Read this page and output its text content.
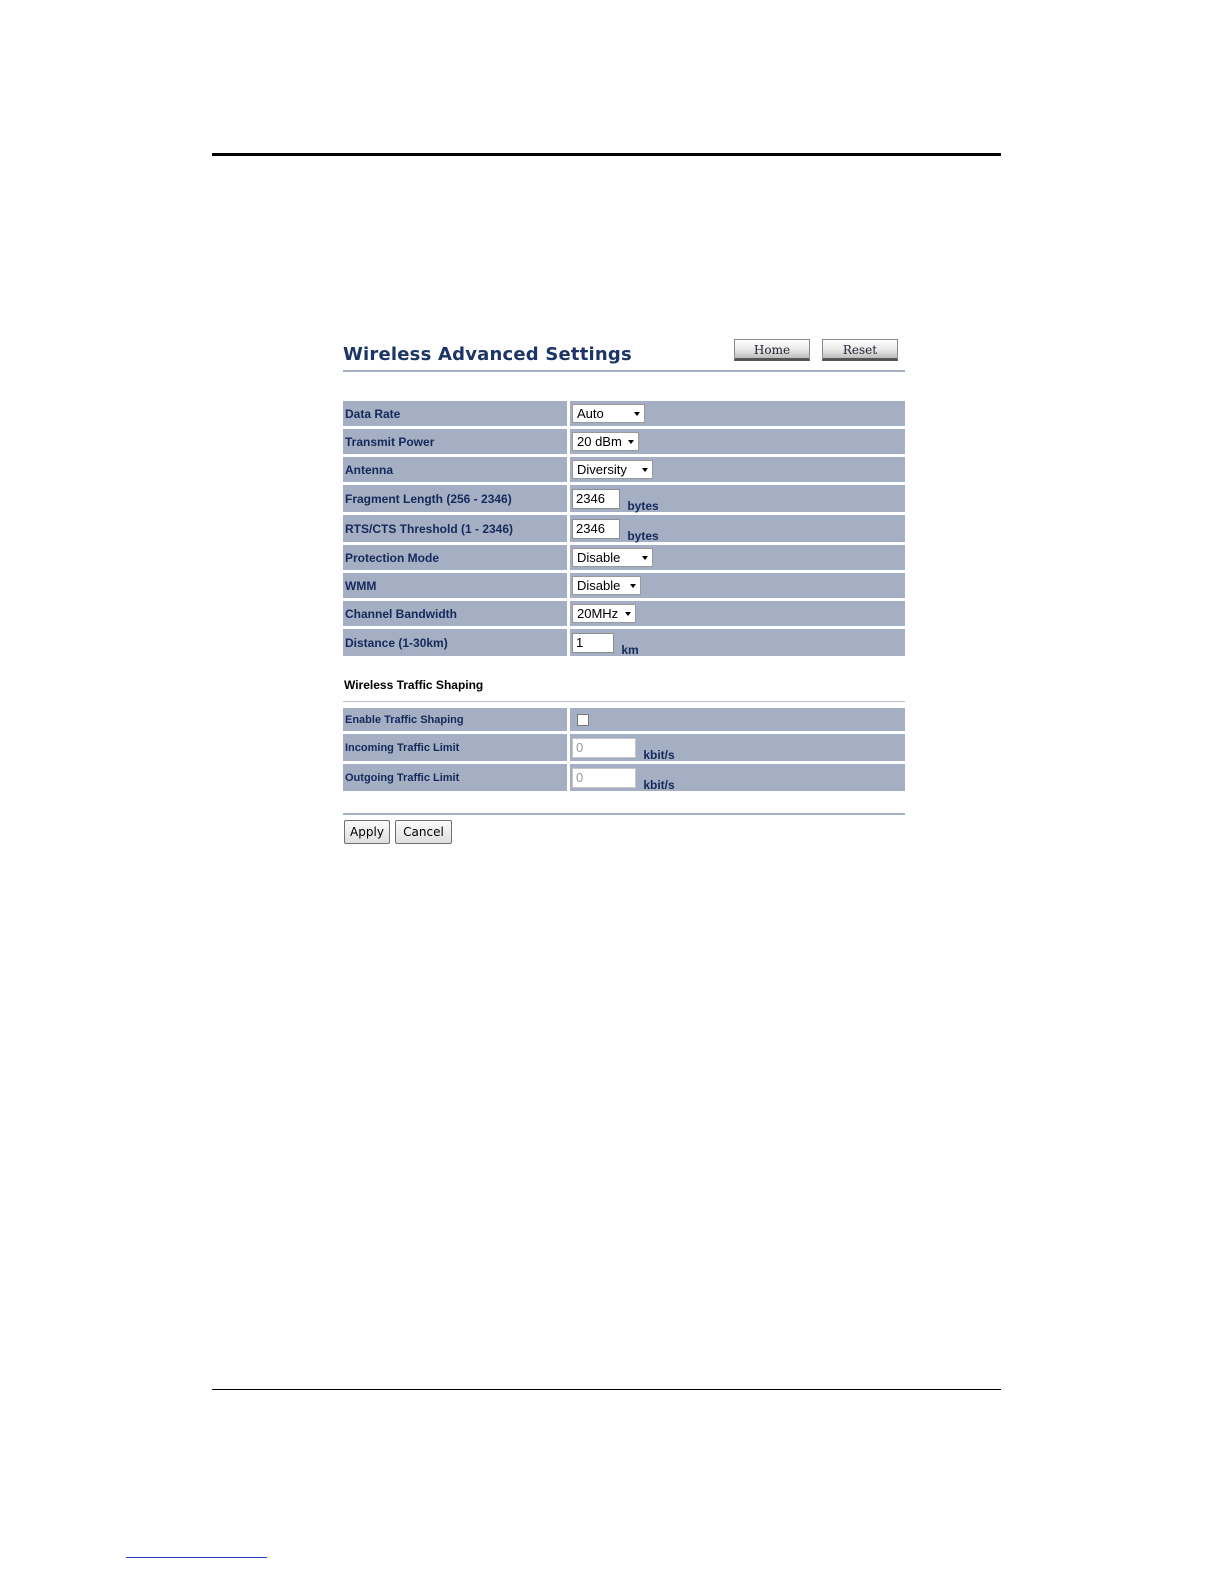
Wireless Advanced Settings	Home	Reset
Data Rate	Auto

Transmit Power	20 dBm

Antenna	Diversity

Fragment Length (256 - 2346)	2346 bytes
RTS/CTS Threshold (1 - 2346)	2346 bytes
Protection Mode	Disable

WMM	Disable

Channel Bandwidth	20MHz

Distance (1-30km)	1 km
Wireless Traffic Shaping
Enable Traffic Shaping	
Incoming Traffic Limit	0 kbit/s
Outgoing Traffic Limit	0 kbit/s
Apply	Cancel
